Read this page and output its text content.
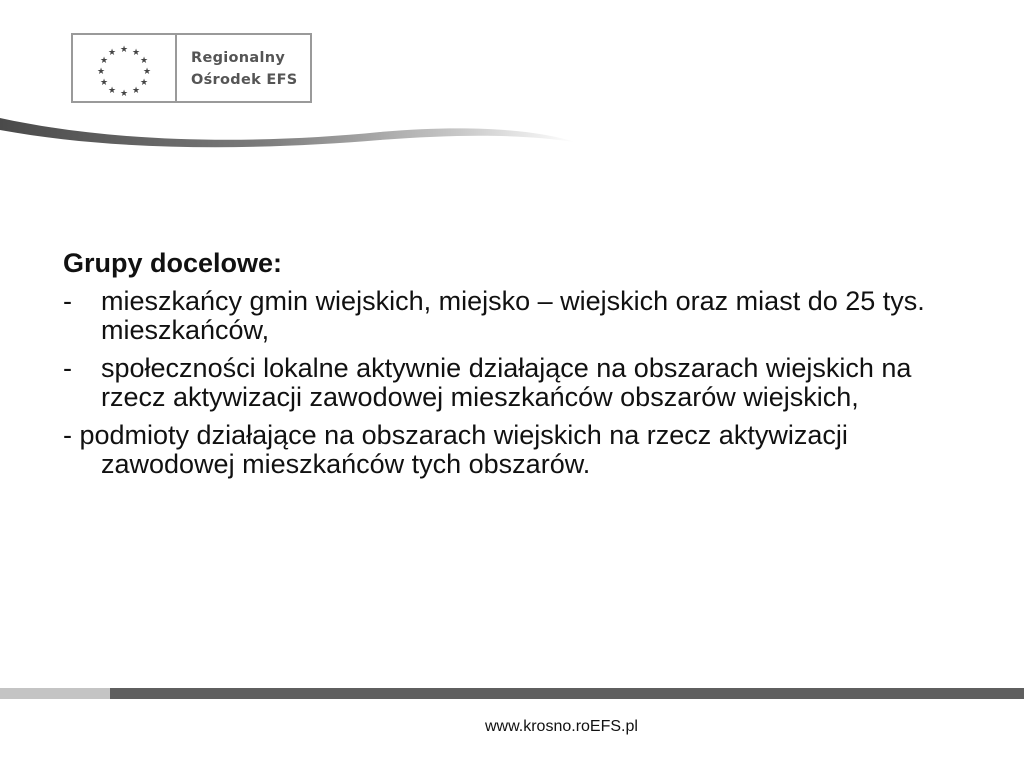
★ ★
★
★
★
★
★
★
★
★
★
★	Regionalny
Ośrodek EFS
Grupy docelowe:
- mieszkańcy gmin wiejskich, miejsko – wiejskich oraz miast do 25 tys. mieszkańców,
- społeczności lokalne aktywnie działające na obszarach wiejskich na rzecz aktywizacji zawodowej mieszkańców obszarów wiejskich,
- podmioty działające na obszarach wiejskich na rzecz aktywizacji zawodowej mieszkańców tych obszarów.
www.krosno.roEFS.pl
